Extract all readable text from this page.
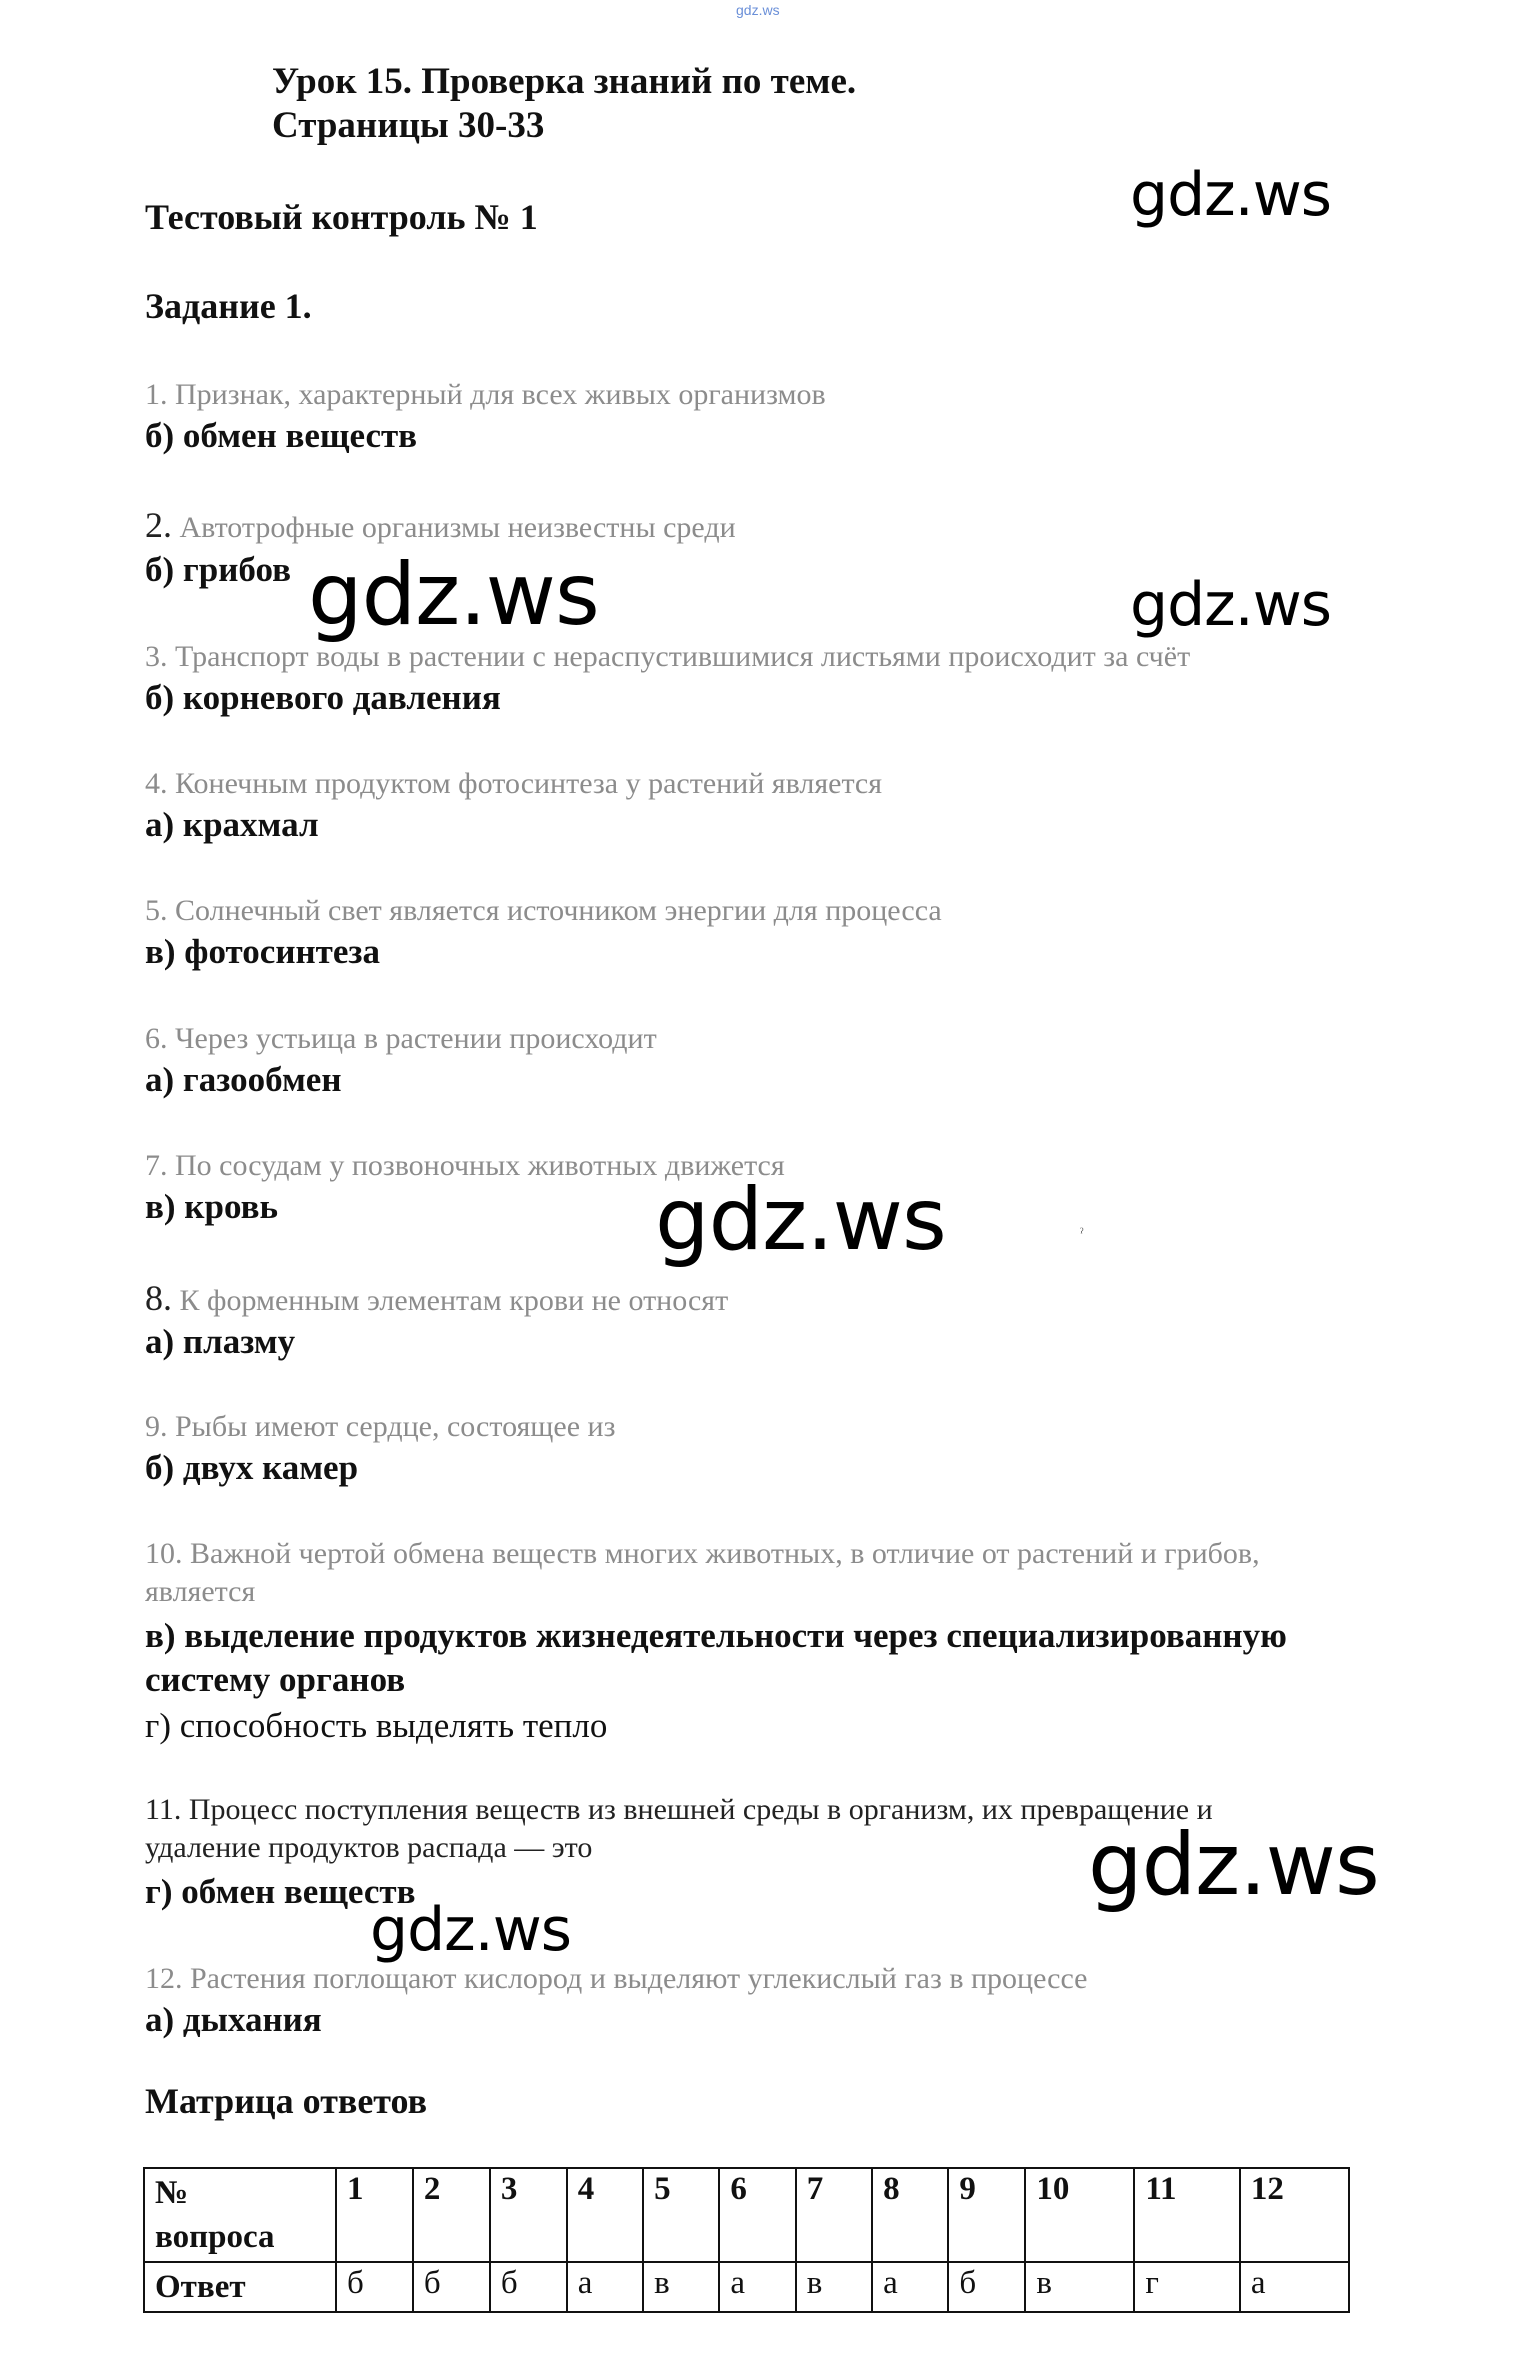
gdz.ws
Урок 15. Проверка знаний по теме.
Страницы 30-33
Тестовый контроль № 1
Задание 1.
1. Признак, характерный для всех живых организмов
б) обмен веществ
2. Автотрофные организмы неизвестны среди
б) грибов
3. Транспорт воды в растении с нераспустившимися листьями происходит за счёт
б) корневого давления
4. Конечным продуктом фотосинтеза у растений является
а) крахмал
5. Солнечный свет является источником энергии для процесса
в) фотосинтеза
6. Через устьица в растении происходит
а) газообмен
7. По сосудам у позвоночных животных движется
в) кровь
ˀ
8. К форменным элементам крови не относят
а) плазму
9. Рыбы имеют сердце, состоящее из
б) двух камер
10. Важной чертой обмена веществ многих животных, в отличие от растений и грибов,
является
в) выделение продуктов жизнедеятельности через специализированную
систему органов
г) способность выделять тепло
11. Процесс поступления веществ из внешней среды в организм, их превращение и
удаление продуктов распада — это
г) обмен веществ
12. Растения поглощают кислород и выделяют углекислый газ в процессе
а) дыхания
Матрица ответов
№
вопроса	1	2	3	4	5	6	7	8	9	10	11	12
Ответ	б	б	б	а	в	а	в	а	б	в	г	а
gdz.ws
gdz.ws	gdz.ws
gdz.ws
gdz.ws
gdz.ws
